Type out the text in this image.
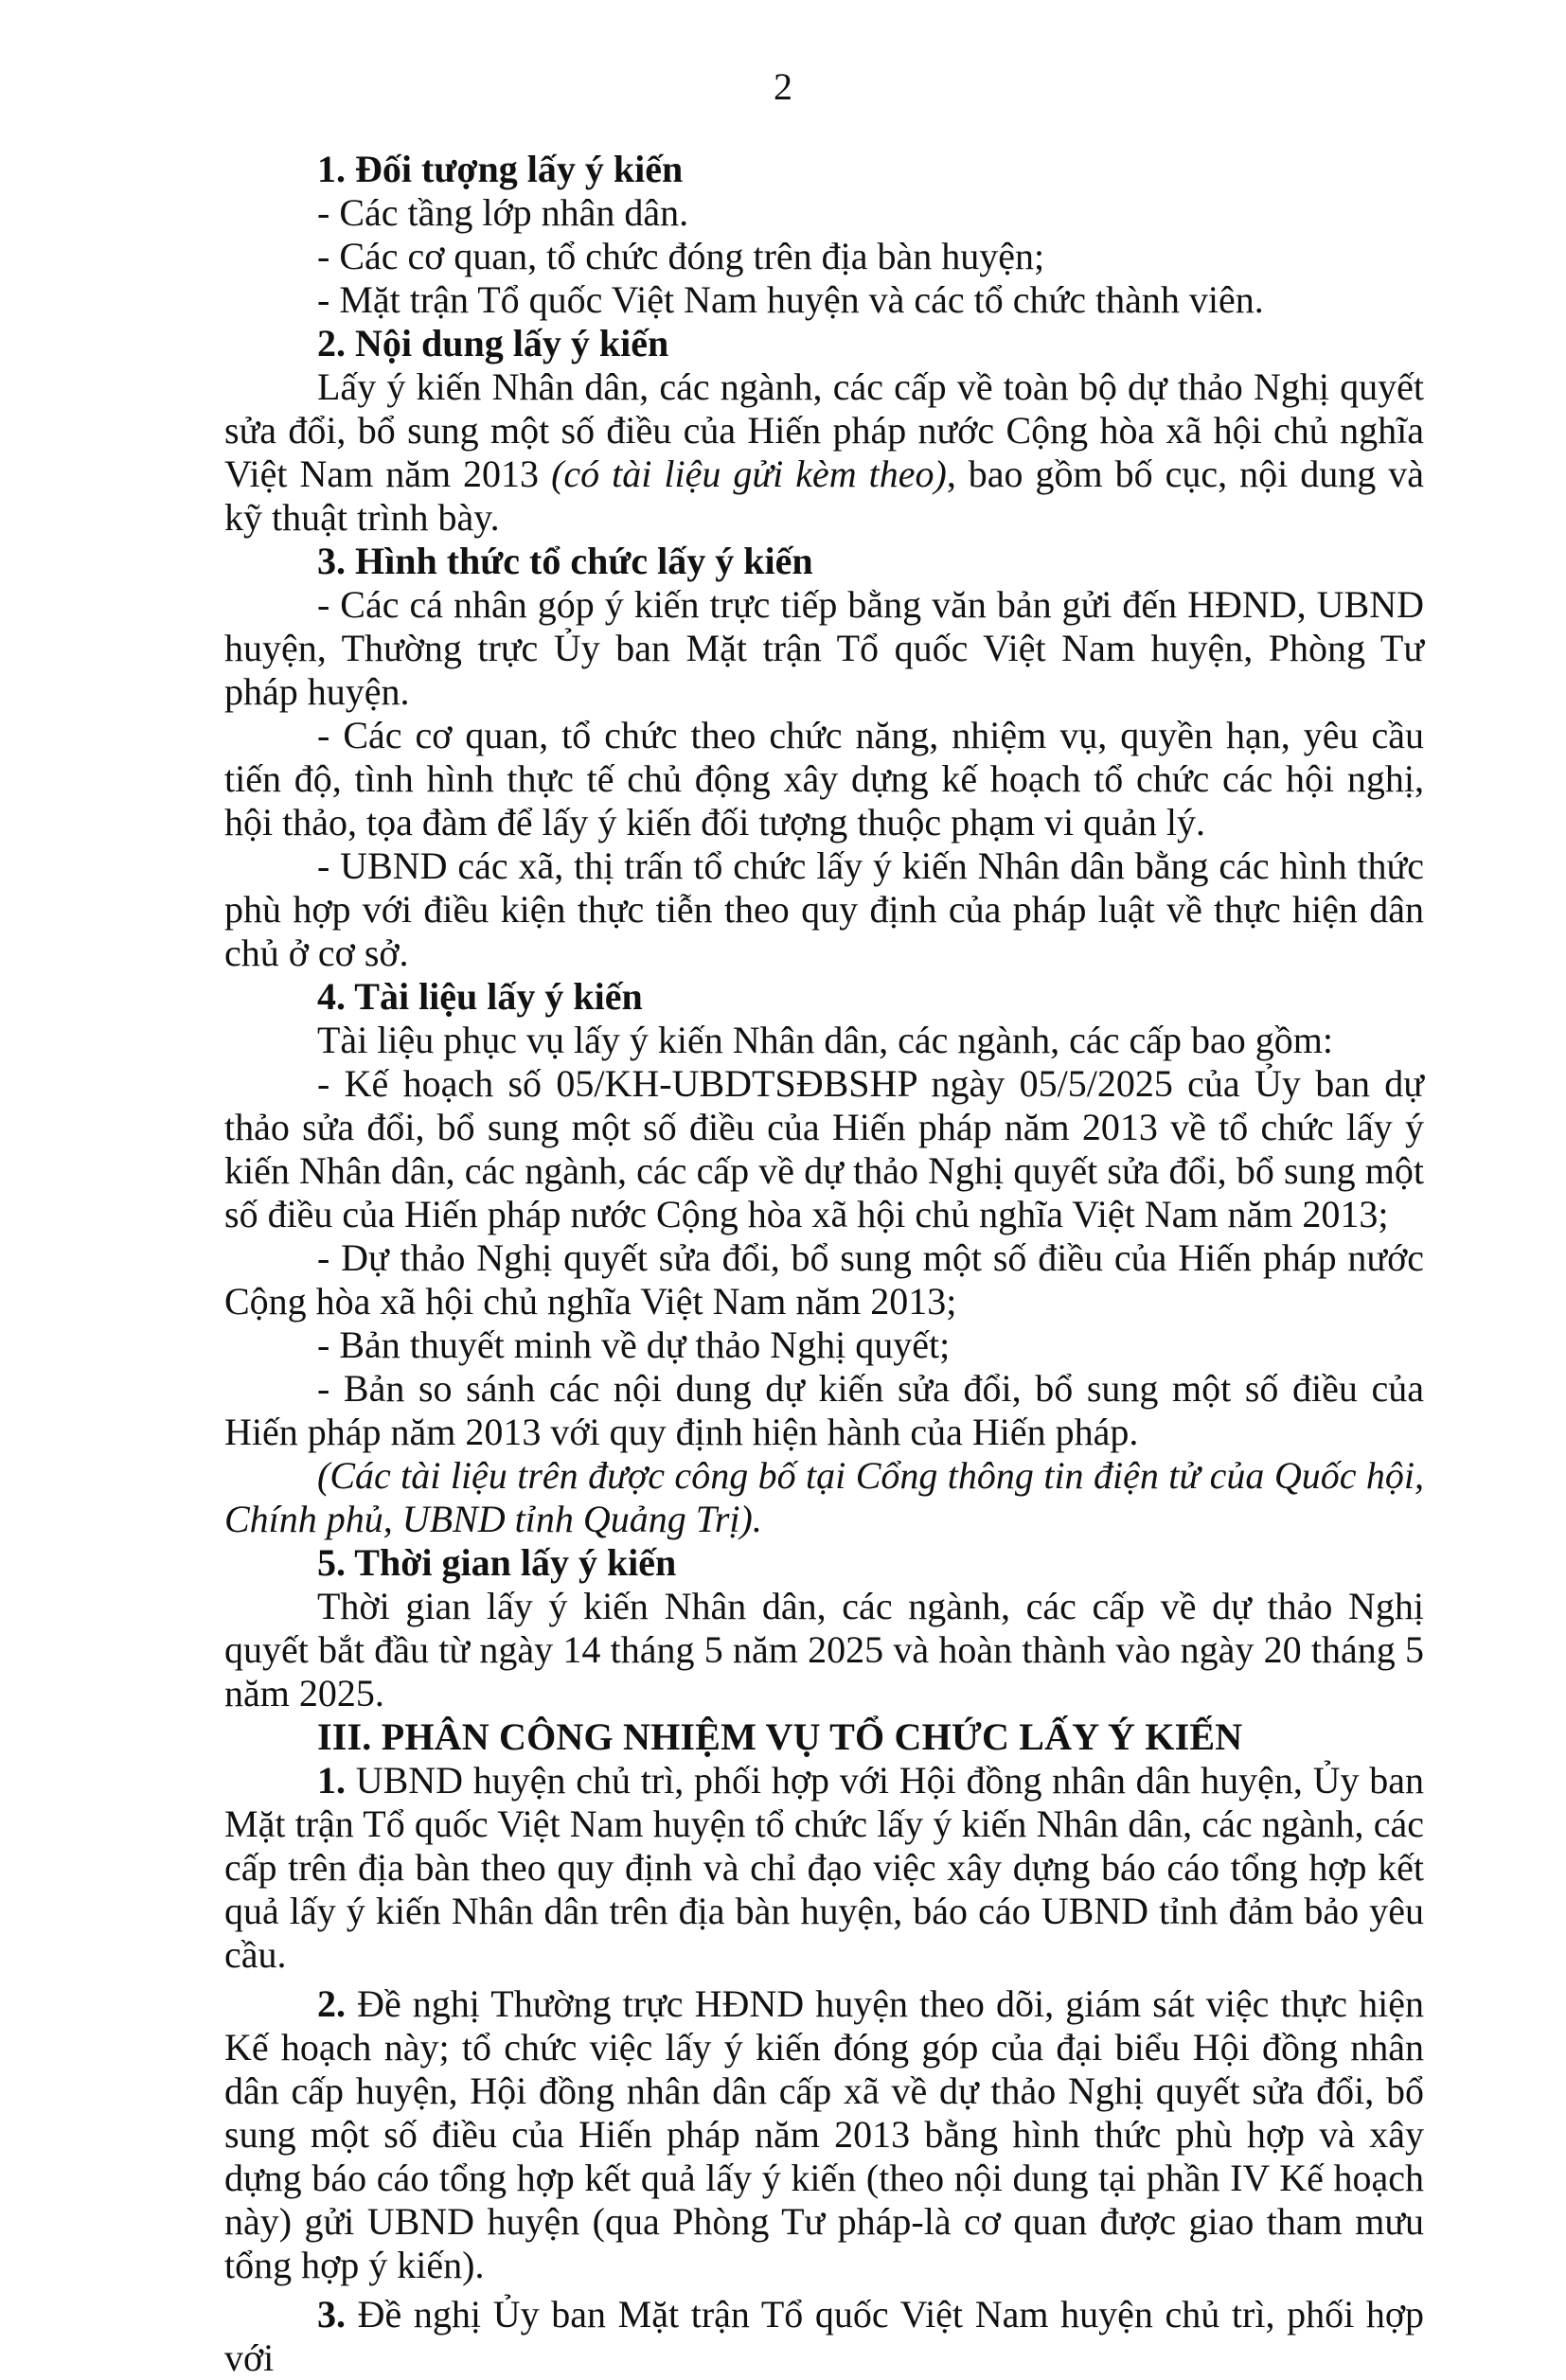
2

1. Đối tượng lấy ý kiến

- Các tầng lớp nhân dân.

- Các cơ quan, tổ chức đóng trên địa bàn huyện;

- Mặt trận Tổ quốc Việt Nam huyện và các tổ chức thành viên.

2. Nội dung lấy ý kiến

Lấy ý kiến Nhân dân, các ngành, các cấp về toàn bộ dự thảo Nghị quyết sửa đổi, bổ sung một số điều của Hiến pháp nước Cộng hòa xã hội chủ nghĩa Việt Nam năm 2013 (có tài liệu gửi kèm theo), bao gồm bố cục, nội dung và kỹ thuật trình bày.

3. Hình thức tổ chức lấy ý kiến

- Các cá nhân góp ý kiến trực tiếp bằng văn bản gửi đến HĐND, UBND huyện, Thường trực Ủy ban Mặt trận Tổ quốc Việt Nam huyện, Phòng Tư pháp huyện.

- Các cơ quan, tổ chức theo chức năng, nhiệm vụ, quyền hạn, yêu cầu tiến độ, tình hình thực tế chủ động xây dựng kế hoạch tổ chức các hội nghị, hội thảo, tọa đàm để lấy ý kiến đối tượng thuộc phạm vi quản lý.

- UBND các xã, thị trấn tổ chức lấy ý kiến Nhân dân bằng các hình thức phù hợp với điều kiện thực tiễn theo quy định của pháp luật về thực hiện dân chủ ở cơ sở.

4. Tài liệu lấy ý kiến

Tài liệu phục vụ lấy ý kiến Nhân dân, các ngành, các cấp bao gồm:

- Kế hoạch số 05/KH-UBDTSĐBSHP ngày 05/5/2025 của Ủy ban dự thảo sửa đổi, bổ sung một số điều của Hiến pháp năm 2013 về tổ chức lấy ý kiến Nhân dân, các ngành, các cấp về dự thảo Nghị quyết sửa đổi, bổ sung một số điều của Hiến pháp nước Cộng hòa xã hội chủ nghĩa Việt Nam năm 2013;

- Dự thảo Nghị quyết sửa đổi, bổ sung một số điều của Hiến pháp nước Cộng hòa xã hội chủ nghĩa Việt Nam năm 2013;

- Bản thuyết minh về dự thảo Nghị quyết;

- Bản so sánh các nội dung dự kiến sửa đổi, bổ sung một số điều của Hiến pháp năm 2013 với quy định hiện hành của Hiến pháp.

(Các tài liệu trên được công bố tại Cổng thông tin điện tử của Quốc hội, Chính phủ, UBND tỉnh Quảng Trị).

5. Thời gian lấy ý kiến

Thời gian lấy ý kiến Nhân dân, các ngành, các cấp về dự thảo Nghị quyết bắt đầu từ ngày 14 tháng 5 năm 2025 và hoàn thành vào ngày 20 tháng 5 năm 2025.

III. PHÂN CÔNG NHIỆM VỤ TỔ CHỨC LẤY Ý KIẾN

1. UBND huyện chủ trì, phối hợp với Hội đồng nhân dân huyện, Ủy ban Mặt trận Tổ quốc Việt Nam huyện tổ chức lấy ý kiến Nhân dân, các ngành, các cấp trên địa bàn theo quy định và chỉ đạo việc xây dựng báo cáo tổng hợp kết quả lấy ý kiến Nhân dân trên địa bàn huyện, báo cáo UBND tỉnh đảm bảo yêu cầu.

2. Đề nghị Thường trực HĐND huyện theo dõi, giám sát việc thực hiện Kế hoạch này; tổ chức việc lấy ý kiến đóng góp của đại biểu Hội đồng nhân dân cấp huyện, Hội đồng nhân dân cấp xã về dự thảo Nghị quyết sửa đổi, bổ sung một số điều của Hiến pháp năm 2013 bằng hình thức phù hợp và xây dựng báo cáo tổng hợp kết quả lấy ý kiến (theo nội dung tại phần IV Kế hoạch này) gửi UBND huyện (qua Phòng Tư pháp-là cơ quan được giao tham mưu tổng hợp ý kiến).

3. Đề nghị Ủy ban Mặt trận Tổ quốc Việt Nam huyện chủ trì, phối hợp với
